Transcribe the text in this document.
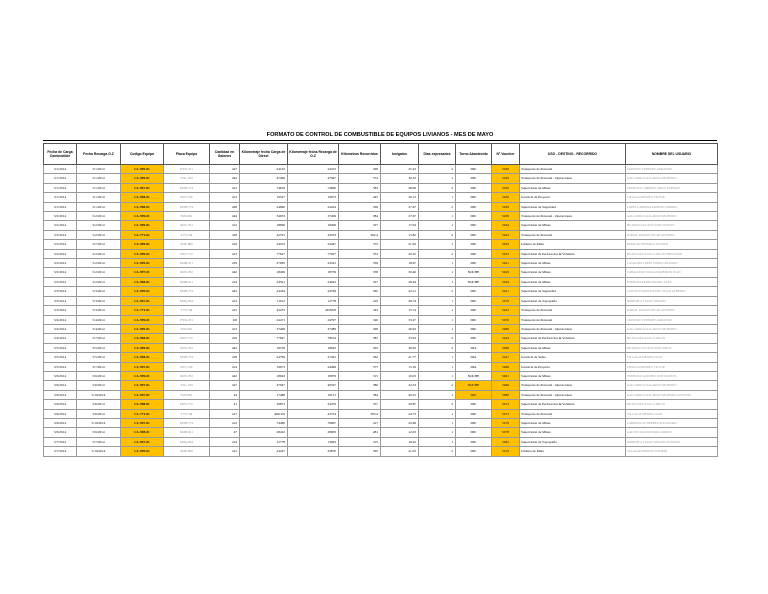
FORMATO DE CONTROL DE COMBUSTIBLE DE EQUIPOS LIVIANOS - MES DE MAYO
Fecha de Carga Combustible	Fecha Recarga O.Z	Codigo Equipo	Placa Equipo	Cantidad en Galones	Kilometraje fecha Carga de Diesel	Kilometraje fecha Recarga de O.Z	Kilometros Recorridos	km/galon	Dias expresados	Turno Abastecido	N° Voucher	USO - DESTINO - RECORRIDO	NOMBRE DEL USUARIO
5/1/2014	5/1/2014	CL-999-01	EYR-471	427	24163	24472	309	25.43	2	DIU	5430	Transporte de Personal	CRISTIAN YUBERDY ARMANDO
5/1/2014	5/1/2014	CL-999-01	Y4L-193	442	47490	47947	374	30.33	1	DIU	5439	Transporte de Personal - Operaciones	GALLARDO GALLARDO WILBERTO
5/1/2014	5/1/2014	CL-997-01	M3B-774	412	74818	74990	583	28.99	2	DIU	5430	Supervision de Minas	ESPINOZA CABRERA JORGE ENRIQUE
5/1/2014	5/1/2014	CL-998-01	8SV-749	413	19527	19973	445	20.13	1	DIU	5430	Gerencia de Proyecto	CHAGUA MENDEZ VICTOR
5/1/2014	5/1/2014	CL-998-01	M3B-774	428	24690	24434	326	27.67	2	DIU	5439	Supervision de Seguridad	LOPEZ CABRERA ARSENIO TORIBIO
5/2/2014	5/2/2014	CL-999-01	3SN-961	444	34953	37409	384	27.67	1	DIU	5439	Transporte de Personal - Operaciones	GALLARDO GALLARDO WILBERTO
5/2/2014	5/2/2014	CL-999-01	M2S-761	412	18660	18499	327	17.04	1	DIU	5434	Supervision de Minas	HUAMAN LUCANO JOSE MANUEL
5/2/2014	5/2/2014	CL-771-01	T7T-744	418	42791	43253	302.4	13.82	2	DIU	5423	Transporte de Personal	PORTAL RAMOS OSCAR ANTONIO
5/2/2014	5/7/2014	CL-999-01	M4P-890	419	24472	24447	375	21.93	1	DIU	5432	Jefatura de Mina	REMIGIO ESPINOZA WILMER
5/2/2014	5/2/2014	CL-999-01	D9V-772	413	77627	77627	353	20.35	2	DIU	5432	Supervision de Perforacion & Voladura	HUANCAYA JULIO CARLOS FERNANDO
5/2/2014	5/2/2014	CL-999-01	M4B-911	419	27965	24341	339	18.67	1	DIU	5421	Supervision de Minas	CASALINO LOPEZ TOMAS ANTONIO
5/2/2014	5/2/2014	CL-997-01	M2S-762	442	18499	18739	358	30.46	1	NOCHE	5429	Supervision de Minas	CABALLERO VARGAS ROBERTO JUAN
5/2/2014	5/2/2014	CL-998-01	M4B-911	414	24341	24622	327	29.44	1	NOCHE	5429	Supervision de Minas	ESPINOZA PEREZ DANIEL ALEX
5/3/2014	5/3/2014	CL-999-01	M3B-774	443	24434	24799	365	22.11	2	DIU	5421	Supervision de Seguridad	CASTILLO MONTES DEL VALLE ALBERTO
5/3/2014	5/3/2014	CL-997-01	M4Q-844	414	11912	12778	419	26.74	1	DIU	5479	Supervision de Topografia	ORIHUELA CURAY NELSON
5/3/2014	5/3/2014	CL-771-01	T7T-744	415	43253	43596.8	343	15.74	1	DIU	5422	Transporte de Personal	PORTAL RAMOS OSCAR ANTONIO
5/4/2014	5/4/2014	CL-999-01	EYR-471	9.8	24471	24797	326	33.27	1	DIU	5476	Transporte de Personal	CRISTIAN YUBERDY ARMANDO
5/4/2014	5/4/2014	CL-999-01	3SN-961	413	37409	37489	309	26.93	1	DIU	5480	Transporte de Personal - Operaciones	GALLARDO GALLARDO WILBERTO
5/4/2014	5/7/2014	CL-998-01	D9V-772	419	77627	78014	387	33.63	2	DIU	5444	Supervision de Perforacion & Voladura	HUANCAYA JULIO CARLOS
5/5/2014	5/5/2014	CL-999-01	M2S-762	442	18739	18943	302	36.63	2	DIA	5468	Supervision de Minas	HUAMAN LUCANO JOSE JORGE
5/5/2014	5/5/2014	CL-998-01	M3B-774	418	24799	27461	362	21.77	1	DIA	5447	Gerencia de Venta	VILLALVA MEDINA JUAN
5/5/2014	5/7/2014	CL-997-01	8SV-749	414	19973	24499	377	15.19	1	DIA	5468	Gerencia de Proyecto	CHAGUA MENDEZ VICTOR
5/6/2014	5/6/2014	CL-999-01	M2S-762	442	18943	18979	315	19.03	1	NOCHE	5461	Supervision de Minas	ESPINOZA SANCHEZ JOSE MANUEL
5/6/2014	5/6/2014	CL-997-01	Y4L-193	427	47947	49327	380	22.53	2	NOCHE	5466	Transporte de Personal - Operaciones	GALLARDO GALLARDO WILBERTO
5/6/2014	5/10/2014	CL-997-01	3SN-961	44	17489	18131	384	40.25	1	DIU	5486	Transporte de Personal - Operaciones	GALLARDO GALLARDO WILBERTO ANTONIO
5/6/2014	5/6/2014	CL-998-01	D9V-772	41	29873	24479	357	29.87	2	DIU	5473	Supervision de Perforacion & Voladura	HUANCAYA JULIO CARLOS
5/6/2014	5/6/2014	CL-771-01	T7T-744	417	42919.9	43374	393.4	24.73	1	DIU	5473	Transporte de Personal	VILLALVA MEDINA JUAN
5/6/2014	5/10/2014	CL-997-01	M3B-774	412	74490	79907	417	43.69	1	DIU	5479	Supervision de Minas	CABRERA GUTIERREZ ALEJANDRO
5/6/2014	5/6/2014	CL-998-01	M4B-911	47	28422	28903	481	12.03	1	DIU	5478	Supervision de Minas	GALVEZ MALDONADO ANDRES
5/7/2014	5/7/2014	CL-997-01	M4Q-844	414	12778	13093	315	19.42	1	DIU	5482	Supervision de Topografia	ORIHUELA CURAY NELSON ANTONIO
5/7/2014	5/10/2014	CL-999-01	M4P-890	412	24447	24870	395	21.03	2	DIU	5479	Jefatura de Mina	SALAZAR REMIGIO WILMER
